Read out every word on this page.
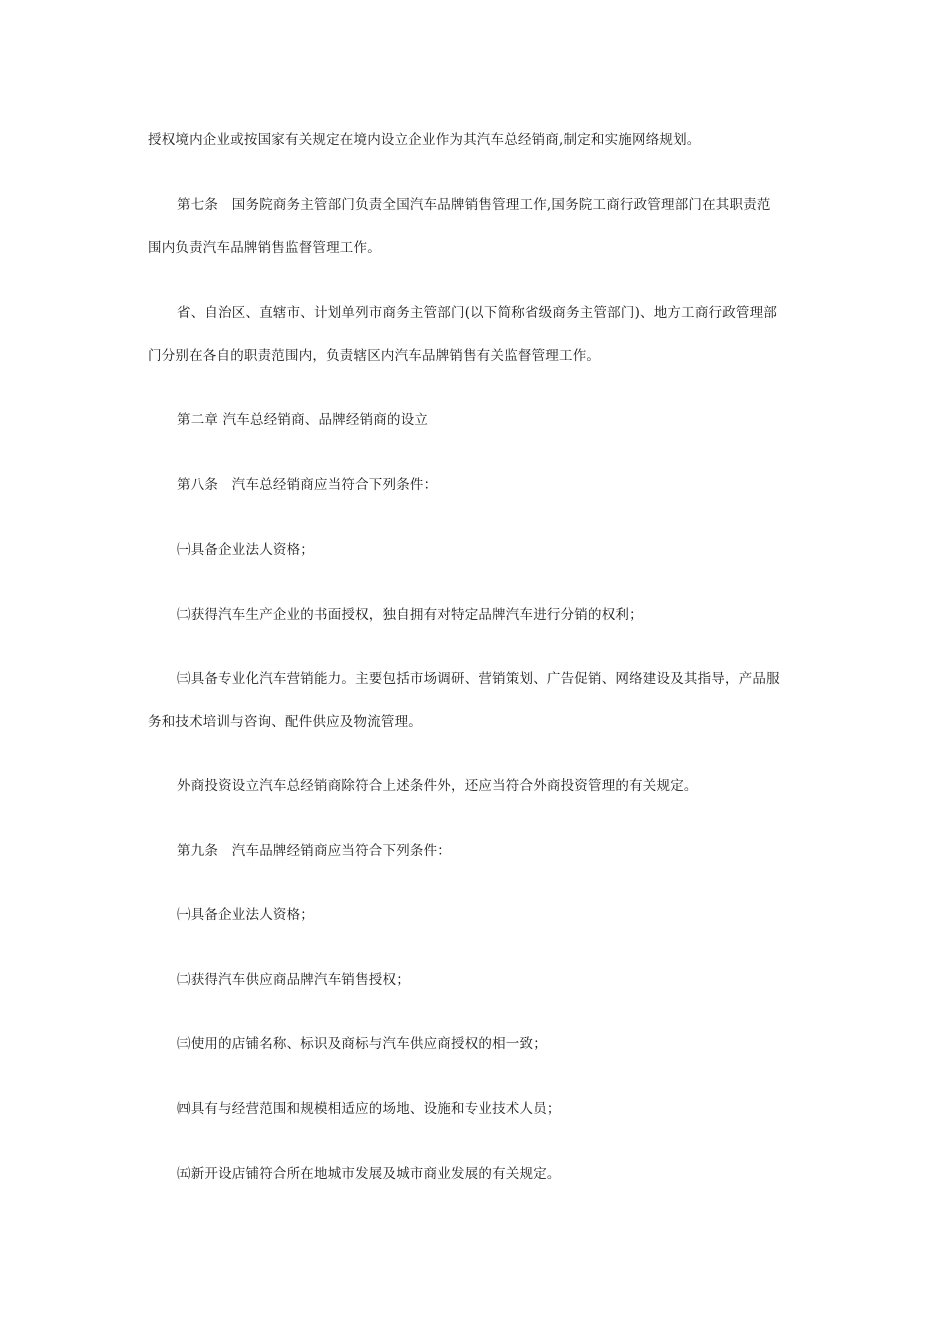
授权境内企业或按国家有关规定在境内设立企业作为其汽车总经销商,制定和实施网络规划。
第七条　国务院商务主管部门负责全国汽车品牌销售管理工作,国务院工商行政管理部门在其职责范
围内负责汽车品牌销售监督管理工作。
省、自治区、直辖市、计划单列市商务主管部门(以下简称省级商务主管部门)、地方工商行政管理部
门分别在各自的职责范围内，负责辖区内汽车品牌销售有关监督管理工作。
第二章 汽车总经销商、品牌经销商的设立
第八条　汽车总经销商应当符合下列条件：
㈠具备企业法人资格；
㈡获得汽车生产企业的书面授权，独自拥有对特定品牌汽车进行分销的权利；
㈢具备专业化汽车营销能力。主要包括市场调研、营销策划、广告促销、网络建设及其指导，产品服
务和技术培训与咨询、配件供应及物流管理。
外商投资设立汽车总经销商除符合上述条件外，还应当符合外商投资管理的有关规定。
第九条　汽车品牌经销商应当符合下列条件：
㈠具备企业法人资格；
㈡获得汽车供应商品牌汽车销售授权；
㈢使用的店铺名称、标识及商标与汽车供应商授权的相一致；
㈣具有与经营范围和规模相适应的场地、设施和专业技术人员；
㈤新开设店铺符合所在地城市发展及城市商业发展的有关规定。
